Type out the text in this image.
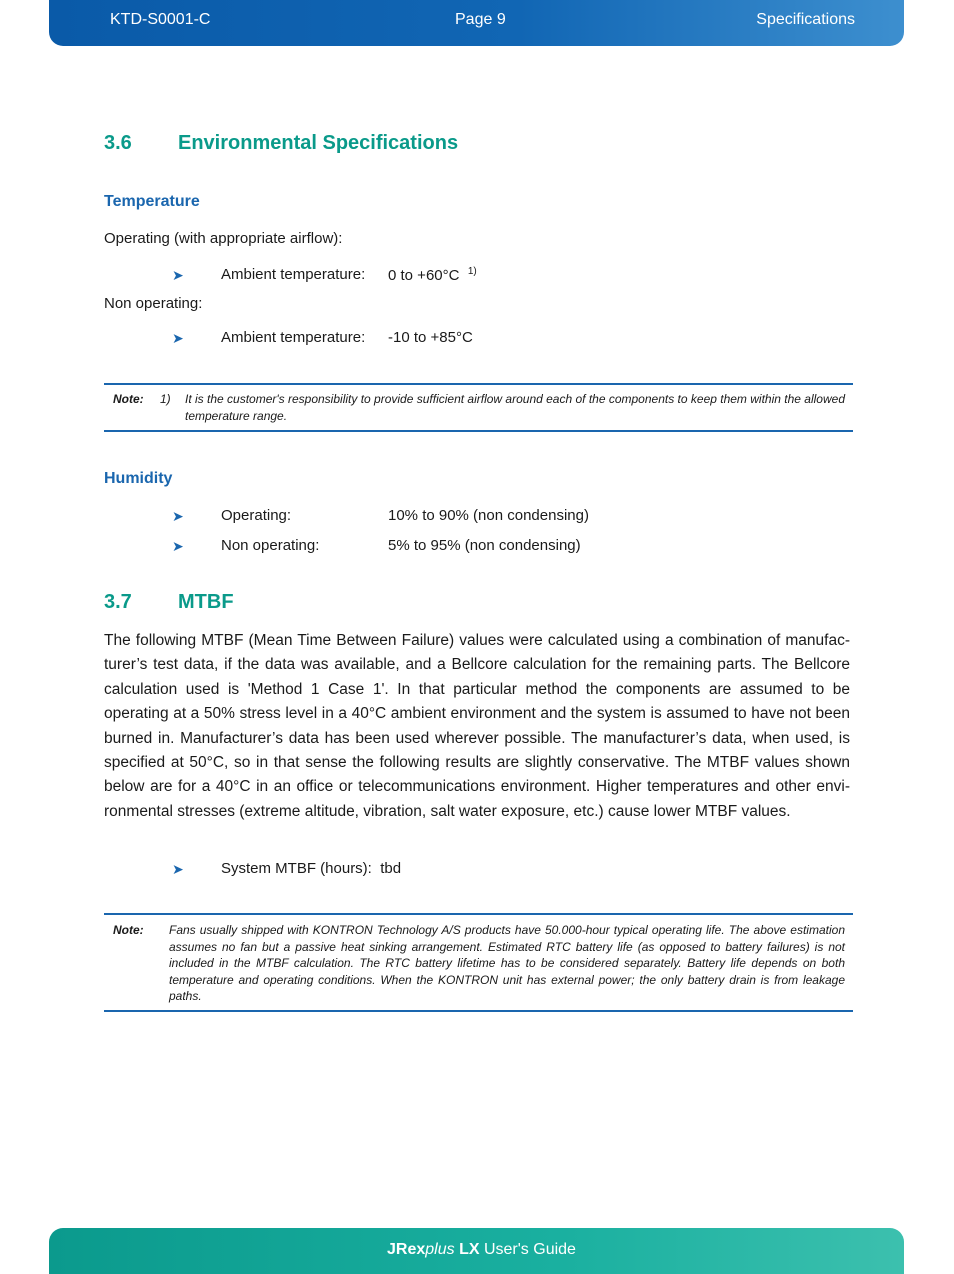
KTD-S0001-C	Page 9	Specifications
3.6 Environmental Specifications
Temperature
Operating (with appropriate airflow):
➤ Ambient temperature: 0 to +60°C $^{1)}$
Non operating:
➤ Ambient temperature: -10 to +85°C
Note: 1) It is the customer's responsibility to provide sufficient airflow around each of the components to keep them within the allowed temperature range.
Humidity
➤ Operating:	10% to 90% (non condensing)
➤ Non operating:	5% to 95% (non condensing)
3.7 MTBF
The following MTBF (Mean Time Between Failure) values were calculated using a combination of manufacturer’s test data, if the data was available, and a Bellcore calculation for the remaining parts. The Bellcore calculation used is 'Method 1 Case 1'. In that particular method the components are assumed to be operating at a 50% stress level in a 40°C ambient environment and the system is assumed to have not been burned in. Manufacturer’s data has been used wherever possible. The manufacturer’s data, when used, is specified at 50°C, so in that sense the following results are slightly conservative. The MTBF values shown below are for a 40°C in an office or telecommunications environment. Higher temperatures and other environmental stresses (extreme altitude, vibration, salt water exposure, etc.) cause lower MTBF values.
➤ System MTBF (hours): tbd
Note: Fans usually shipped with KONTRON Technology A/S products have 50.000-hour typical operating life. The above estimation assumes no fan but a passive heat sinking arrangement. Estimated RTC battery life (as opposed to battery failures) is not included in the MTBF calculation. The RTC battery lifetime has to be considered separately. Battery life depends on both temperature and operating conditions. When the KONTRON unit has external power; the only battery drain is from leakage paths.
JRexplus LX User's Guide
